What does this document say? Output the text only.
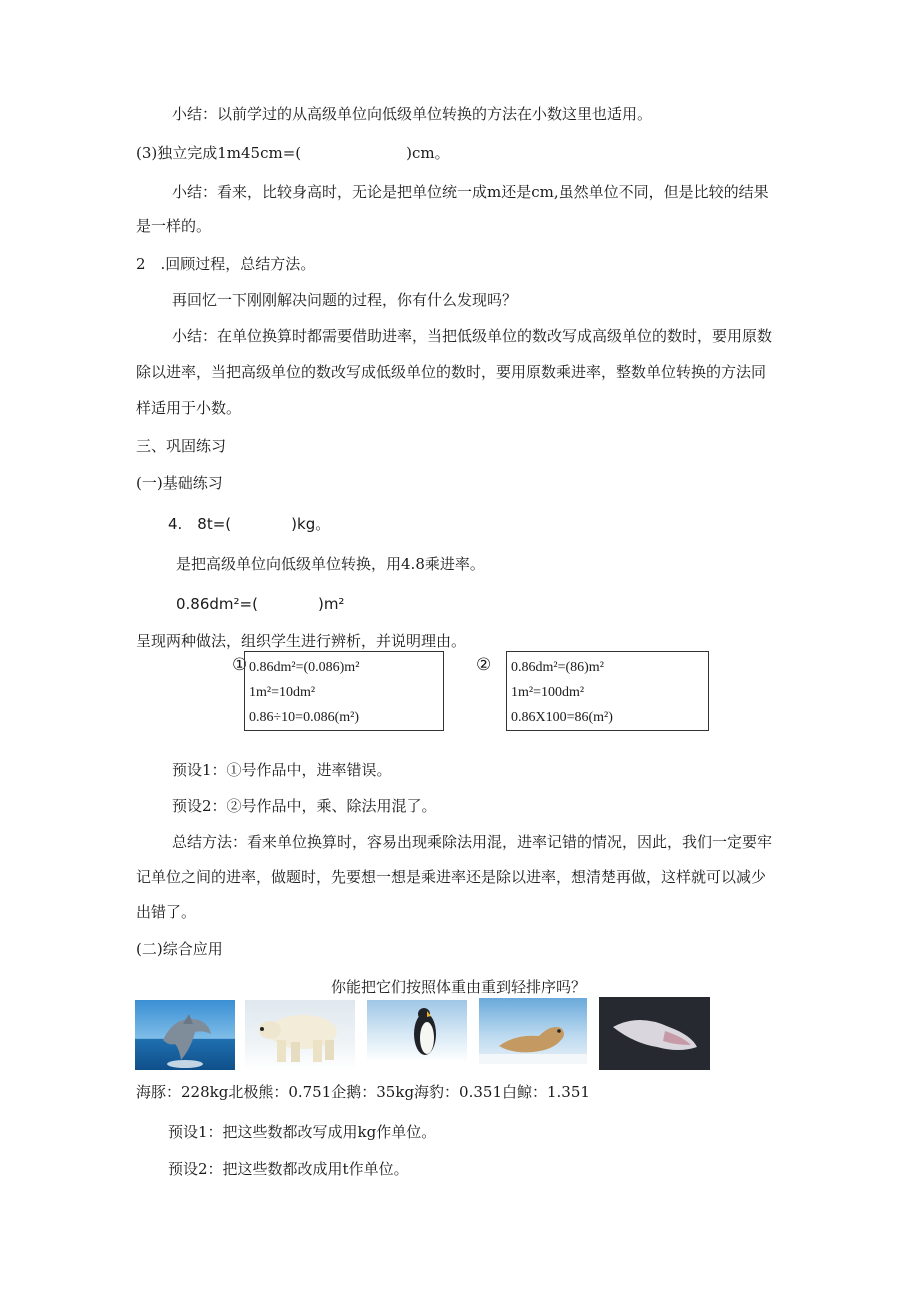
小结：以前学过的从高级单位向低级单位转换的方法在小数这里也适用。

(3)独立完成1m45cm=(　　　　　　　)cm。

小结：看来，比较身高时，无论是把单位统一成m还是cm,虽然单位不同，但是比较的结果

是一样的。

2　.回顾过程，总结方法。

再回忆一下刚刚解决问题的过程，你有什么发现吗？

小结：在单位换算时都需要借助进率，当把低级单位的数改写成高级单位的数时，要用原数

除以进率，当把高级单位的数改写成低级单位的数时，要用原数乘进率，整数单位转换的方法同

样适用于小数。

三、巩固练习

(一)基础练习

4.　8t=(　　　　)kg。

是把高级单位向低级单位转换，用4.8乘进率。

0.86dm²=(　　　　)m²

呈现两种做法，组织学生进行辨析，并说明理由。

① 0.86dm²=(0.086)m²
1m²=10dm²
0.86÷10=0.086(m²)
② 0.86dm²=(86)m²
1m²=100dm²
0.86X100=86(m²)

预设1：①号作品中，进率错误。

预设2：②号作品中，乘、除法用混了。

总结方法：看来单位换算时，容易出现乘除法用混，进率记错的情况，因此，我们一定要牢

记单位之间的进率，做题时，先要想一想是乘进率还是除以进率，想清楚再做，这样就可以减少

出错了。

(二)综合应用

你能把它们按照体重由重到轻排序吗？

海豚：228kg北极熊：0.751企鹅：35kg海豹：0.351白鲸：1.351

预设1：把这些数都改写成用kg作单位。

预设2：把这些数都改成用t作单位。
